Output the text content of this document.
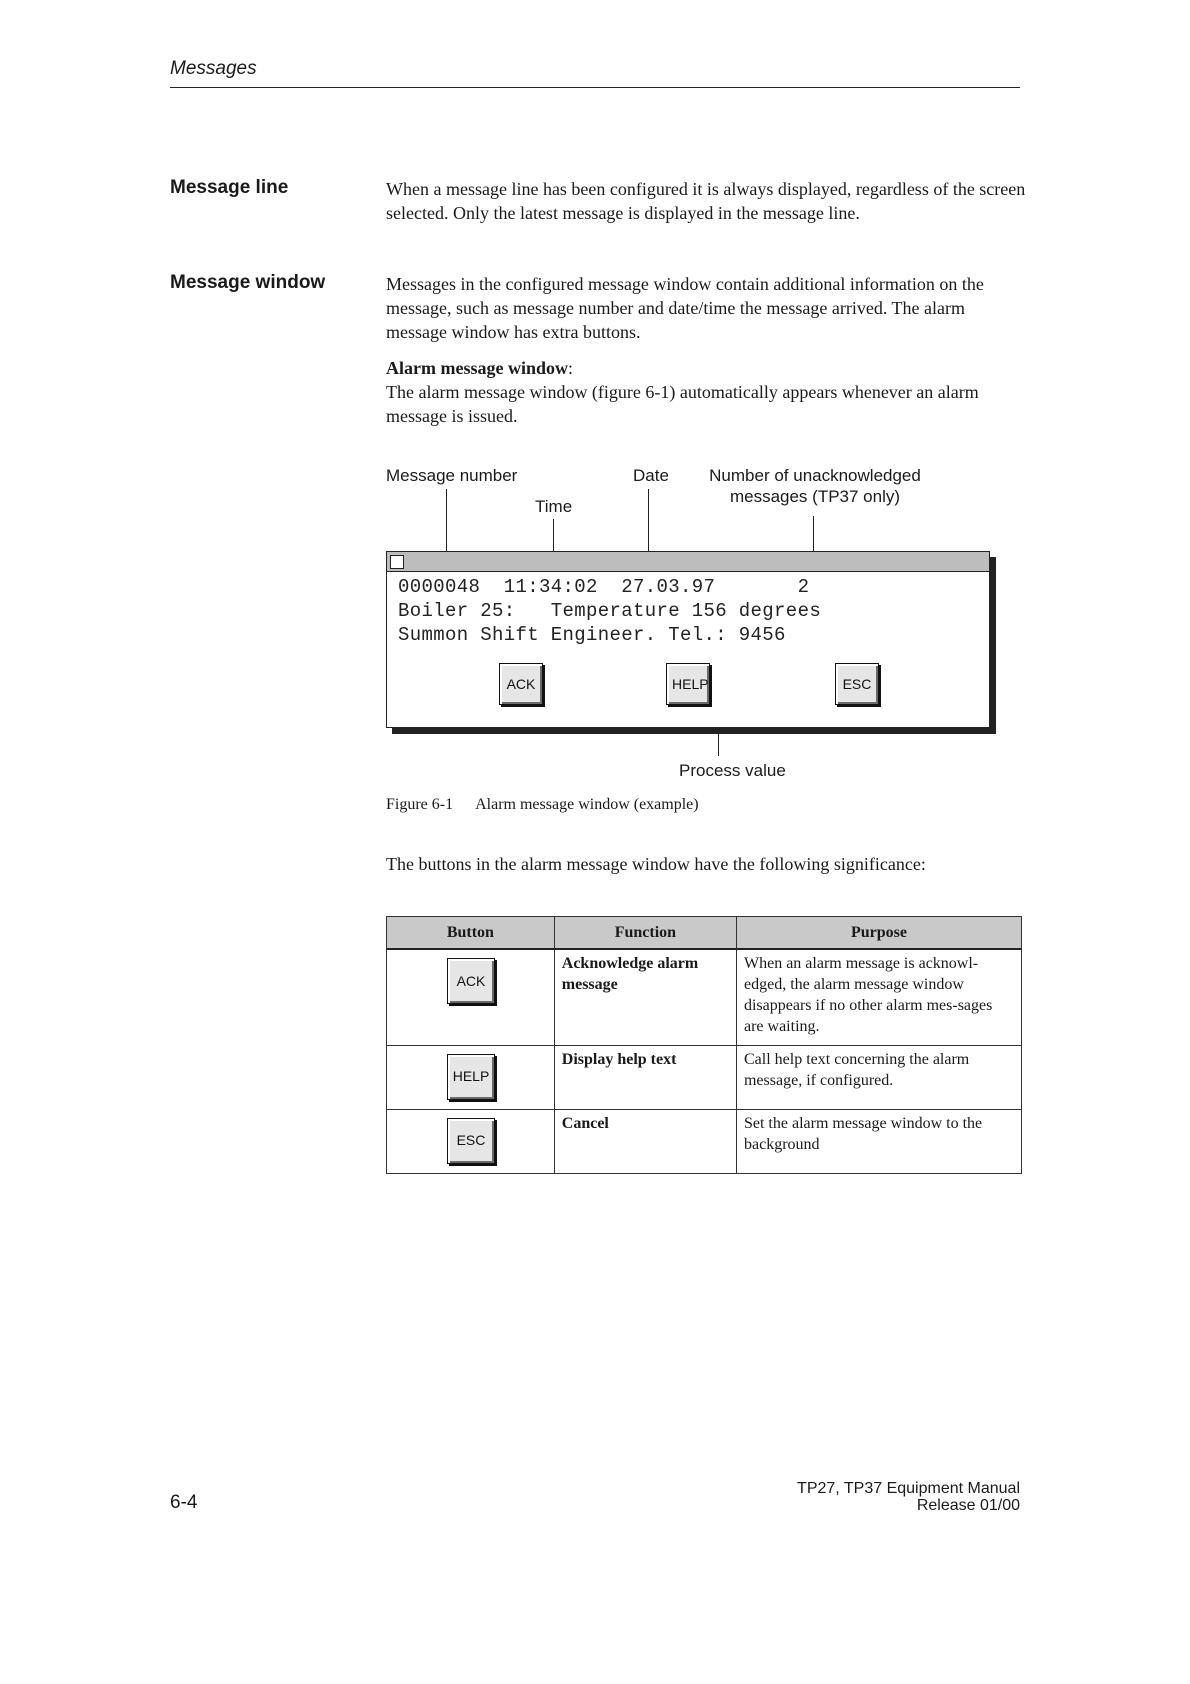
Messages
Message line	When a message line has been configured it is always displayed, regardless of the screen selected. Only the latest message is displayed in the message line.

Message window	Messages in the configured message window contain additional information on the message, such as message number and date/time the message arrived. The alarm message window has extra buttons.

Alarm message window:
The alarm message window (figure 6-1) automatically appears whenever an alarm message is issued.

Message number
Time
Date	Number of unacknowledged
messages (TP37 only)
Process value
0000048  11:34:02  27.03.97       2
Boiler 25:   Temperature 156 degrees
Summon Shift Engineer. Tel.: 9456
ACK	HELP	ESC
Figure 6-1 Alarm message window (example)

The buttons in the alarm message window have the following significance:

Button	Function	Purpose

ACK	Acknowledge alarm message	When an alarm message is acknowl-edged, the alarm message window disappears if no other alarm mes-sages are waiting.

HELP	Display help text	Call help text concerning the alarm message, if configured.

ESC	Cancel	Set the alarm message window to the background
6-4
TP27, TP37 Equipment Manual
Release 01/00
